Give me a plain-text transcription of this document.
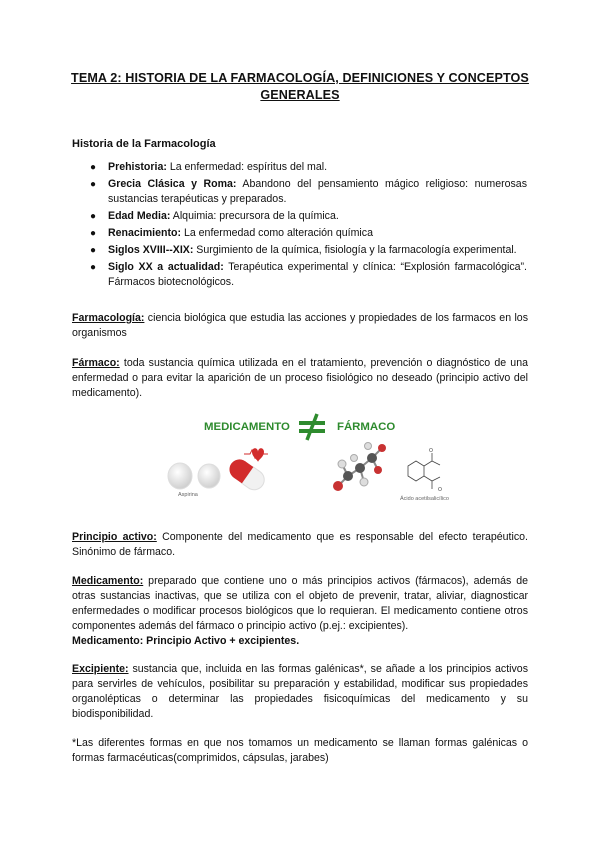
TEMA 2: HISTORIA DE LA FARMACOLOGÍA, DEFINICIONES Y CONCEPTOS GENERALES
Historia de la Farmacología
● Prehistoria: La enfermedad: espíritus del mal.
● Grecia Clásica y Roma: Abandono del pensamiento mágico religioso: numerosas sustancias terapéuticas y preparados.
● Edad Media: Alquimia: precursora de la química.
● Renacimiento: La enfermedad como alteración química
● Siglos XVIII--XIX: Surgimiento de la química, fisiología y la farmacología experimental.
● Siglo XX a actualidad: Terapéutica experimental y clínica: “Explosión farmacológica”. Fármacos biotecnológicos.
Farmacología: ciencia biológica que estudia las acciones y propiedades de los farmacos en los organismos
Fármaco: toda sustancia química utilizada en el tratamiento, prevención o diagnóstico de una enfermedad o para evitar la aparición de un proceso fisiológico no deseado (principio activo del medicamento).
MEDICAMENTO	FÁRMACO
Aspirina
O
O
Ácido acetilsalicílico
Principio activo: Componente del medicamento que es responsable del efecto terapéutico. Sinónimo de fármaco.
Medicamento: preparado que contiene uno o más principios activos (fármacos), además de otras sustancias inactivas, que se utiliza con el objeto de prevenir, tratar, aliviar, diagnosticar enfermedades o modificar procesos biológicos que lo requieran. El medicamento contiene otros componentes además del fármaco o principio activo (p.ej.: excipientes).
Medicamento: Principio Activo + excipientes.
Excipiente: sustancia que, incluida en las formas galénicas*, se añade a los principios activos para servirles de vehículos, posibilitar su preparación y estabilidad, modificar sus propiedades organolépticas o determinar las propiedades fisicoquímicas del medicamento y su biodisponibilidad.
*Las diferentes formas en que nos tomamos un medicamento se llaman formas galénicas o formas farmacéuticas(comprimidos, cápsulas, jarabes)
